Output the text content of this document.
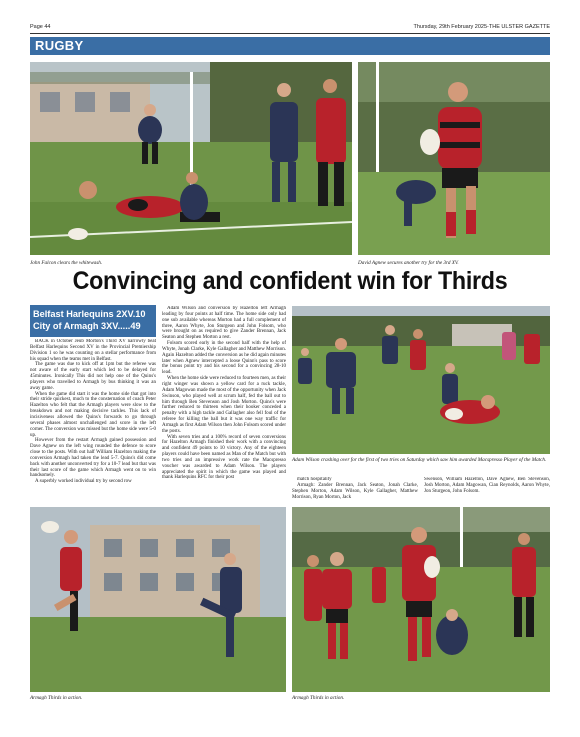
Page 44	Thursday, 29th February 2025-THE ULSTER GAZETTE
RUGBY
John Falcon clears the whitewash.	David Agnew secures another try for the 3rd XV.
Convincing and confident win for Thirds
Belfast Harlequins 2XV.10
City of Armagh 3XV.....49

BACK in October Jeub Morton's Third XV narrowly beat Belfast Harlequins Second XV in the Provincial Premiership Division 1 so he was counting on a stellar performance from his squad when the teams met in Belfast.

The game was due to kick off at 1pm but the referee was not aware of the early start which led to be delayed for 45minutes. Ironically This did not help one of the Quins's players who travelled to Armagh by bus thinking it was an away game.

When the game did start it was the home side that got into their stride quickest, much to the consternation of coach Peter Hazelton who felt that the Armagh players were slow to the breakdown and not making decisive tackles. This lack of incisiveness allowed the Quins's forwards to go through several phases almost unchallenged and score in the left corner. The conversion was missed but the home side were 5-0 up.

However from the restart Armagh gained possession and Dave Agnew on the left wing rounded the defence to score close to the posts. With out half William Hazelton making the conversion Armagh had taken the lead 5-7. Quins's did come back with another unconverted try for a 10-7 lead but that was their last score of the game which Armagh went on to win handsomely.

A superbly worked individual try by second row

Adam Wilson and conversion by Hazelton left Armagh leading by four points at half time. The home side only had one sub available whereas Morton had a full complement of three, Aaron Whyte, Jon Sturgeon and John Folsom, who were brought on as required to give Zander Brennan, Jack Seaton and Stephen Morton a rest.

Folsom scored early in the second half with the help of Whyte, Jonah Clarke, Kyle Gallagher and Matthew Morrison. Again Hazelton added the conversion as he did again minutes later when Agnew intercepted a loose Quinn's pass to score the bonus point try and his second for a convincing 28-10 lead.

When the home side were reduced to fourteen men, as their right winger was shown a yellow card for a ruck tackle, Adam Magowan made the most of the opportunity when Jack Swinson, who played well at scrum half, fed the ball out to him through Ben Stevenson and Josh Morton. Quins's were further reduced to thirteen when their hooker conceded a penalty with a high tackle and Gallagher also fell foul of the referee for killing the ball but it was one way traffic for Armagh as first Adam Wilson then John Folsom scored under the posts.

With seven tries and a 100% record of seven conversions for Hazelton Armagh finished their work with a convincing and confident 49 points to 10 victory. Any of the eighteen players could have been named as Man of the Match but with two tries and an impressive work rate the Macspresso voucher was awarded to Adam Wilson. The players appreciated the spirit in which the game was played and thank Harlequins RFC for their post

Adam Wilson crashing over for the first of two tries on Saturday which saw him awarded Macspresso Player of the Match.

match hospitality

Armagh: Zander Brennan, Jack Seaton, Jonah Clarke, Stephen Morton, Adam Wilson, Kyle Gallagher, Matthew Morrison, Ryan Morton, Jack

Swenson, William Hazelton, Dave Agnew, Ben Stevenson, Josh Morton, Adam Magowan, Cian Reynolds, Aaron Whyte, Jon Sturgeon, John Folsom.

Armagh Thirds in action.	Armagh Thirds in action.
